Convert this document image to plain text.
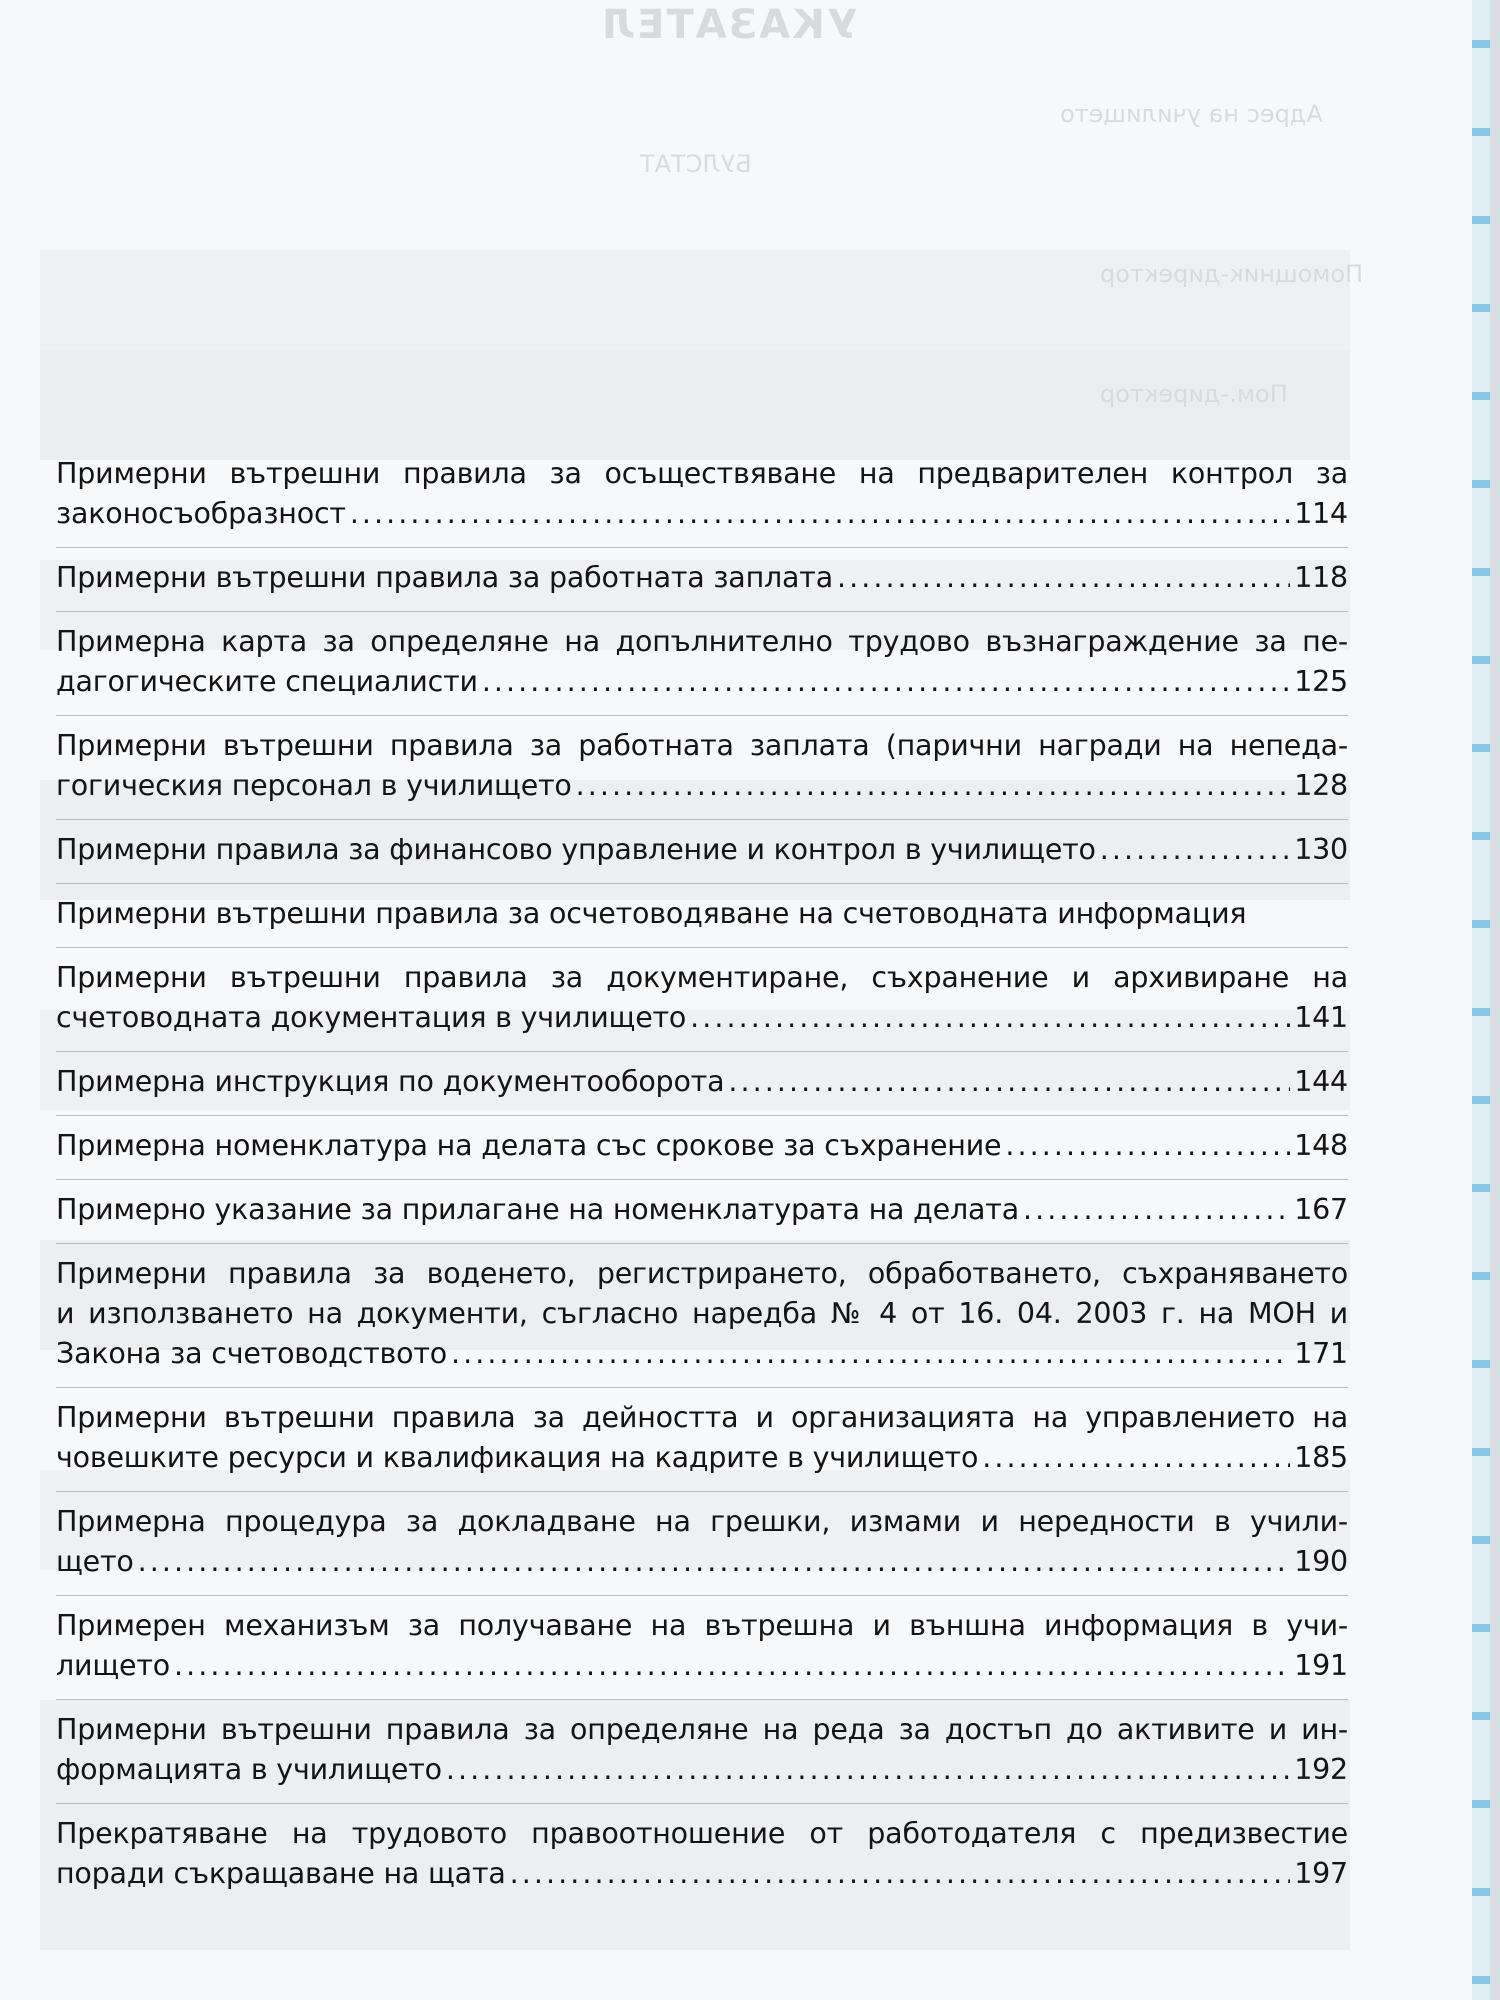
УКАЗАТЕЛ
Адрес на училището
БУЛСТАТ
Помощник-директор
Пом.-директор
Примерни вътрешни правила за осъществяване на предварителен контрол за
законосъобразност . . .	114
Примерни вътрешни правила за работната заплата . . .	118
Примерна карта за определяне на допълнително трудово възнаграждение за пе-
дагогическите специалисти . . .	125
Примерни вътрешни правила за работната заплата (парични награди на непеда-
гогическия персонал в училището . . .	128
Примерни правила за финансово управление и контрол в училището . . .	130
Примерни вътрешни правила за осчетоводяване на счетоводната информация
Примерни вътрешни правила за документиране, съхранение и архивиране на
счетоводната документация в училището . . .	141
Примерна инструкция по документооборота . . .	144
Примерна номенклатура на делата със срокове за съхранение . . .	148
Примерно указание за прилагане на номенклатурата на делата . . .	167
Примерни правила за воденето, регистрирането, обработването, съхраняването
и използването на документи, съгласно наредба № 4 от 16. 04. 2003 г. на МОН и
Закона за счетоводството . . .	171
Примерни вътрешни правила за дейността и организацията на управлението на
човешките ресурси и квалификация на кадрите в училището . . .	185
Примерна процедура за докладване на грешки, измами и нередности в учили-
щето . . .	190
Примерен механизъм за получаване на вътрешна и външна информация в учи-
лището . . .	191
Примерни вътрешни правила за определяне на реда за достъп до активите и ин-
формацията в училището . . .	192
Прекратяване на трудовото правоотношение от работодателя с предизвестие
поради съкращаване на щата . . .	197
